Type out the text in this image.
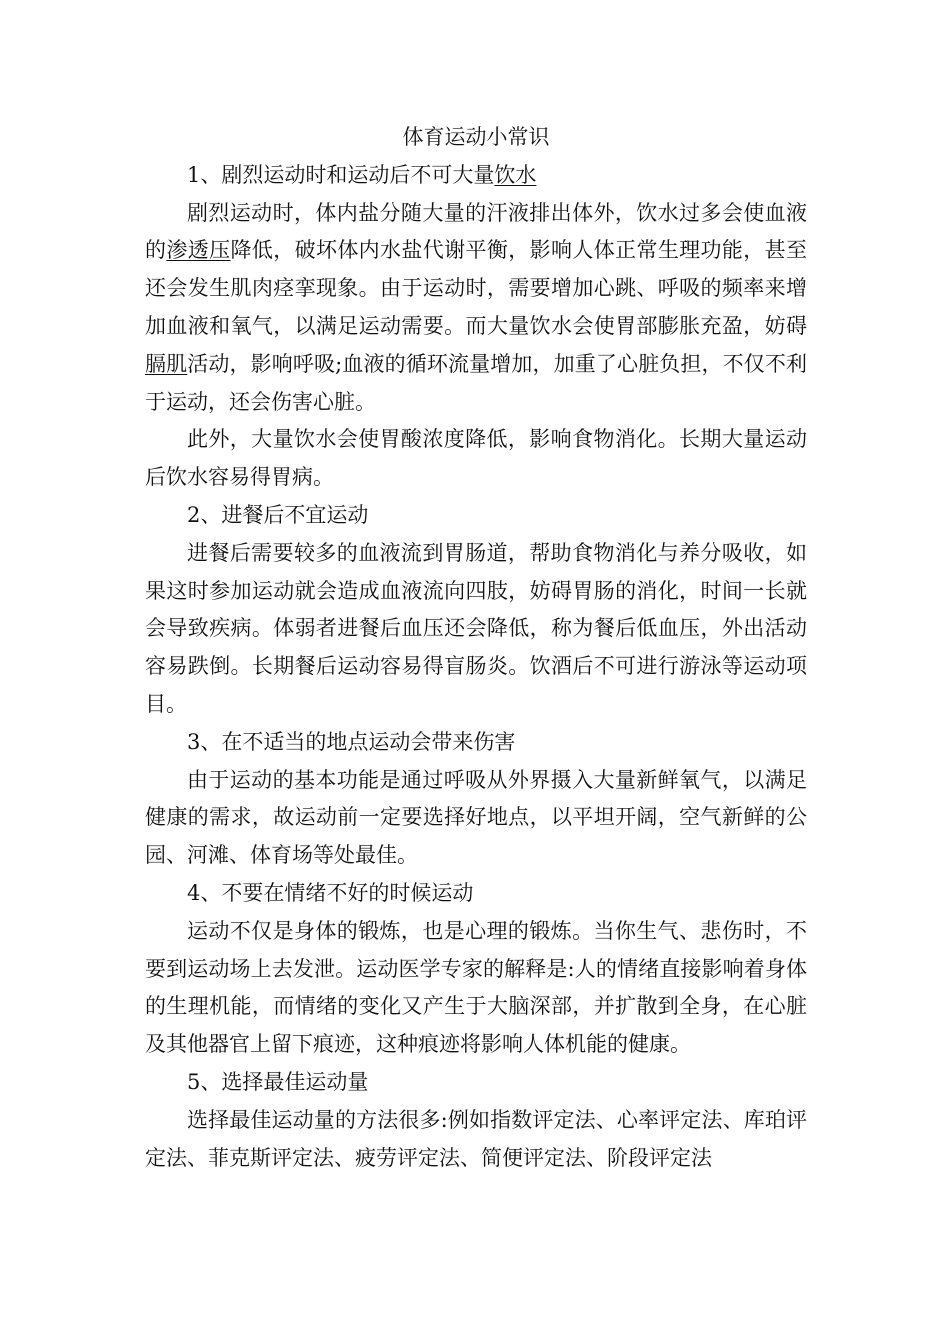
体育运动小常识

1、剧烈运动时和运动后不可大量饮水

剧烈运动时，体内盐分随大量的汗液排出体外，饮水过多会使血液的渗透压降低，破坏体内水盐代谢平衡，影响人体正常生理功能，甚至还会发生肌肉痉挛现象。由于运动时，需要增加心跳、呼吸的频率来增加血液和氧气，以满足运动需要。而大量饮水会使胃部膨胀充盈，妨碍膈肌活动，影响呼吸;血液的循环流量增加，加重了心脏负担，不仅不利于运动，还会伤害心脏。

此外，大量饮水会使胃酸浓度降低，影响食物消化。长期大量运动后饮水容易得胃病。

2、进餐后不宜运动

进餐后需要较多的血液流到胃肠道，帮助食物消化与养分吸收，如果这时参加运动就会造成血液流向四肢，妨碍胃肠的消化，时间一长就会导致疾病。体弱者进餐后血压还会降低，称为餐后低血压，外出活动容易跌倒。长期餐后运动容易得盲肠炎。饮酒后不可进行游泳等运动项目。

3、在不适当的地点运动会带来伤害

由于运动的基本功能是通过呼吸从外界摄入大量新鲜氧气，以满足健康的需求，故运动前一定要选择好地点，以平坦开阔，空气新鲜的公园、河滩、体育场等处最佳。

4、不要在情绪不好的时候运动

运动不仅是身体的锻炼，也是心理的锻炼。当你生气、悲伤时，不要到运动场上去发泄。运动医学专家的解释是:人的情绪直接影响着身体的生理机能，而情绪的变化又产生于大脑深部，并扩散到全身，在心脏及其他器官上留下痕迹，这种痕迹将影响人体机能的健康。

5、选择最佳运动量

选择最佳运动量的方法很多:例如指数评定法、心率评定法、库珀评定法、菲克斯评定法、疲劳评定法、简便评定法、阶段评定法
